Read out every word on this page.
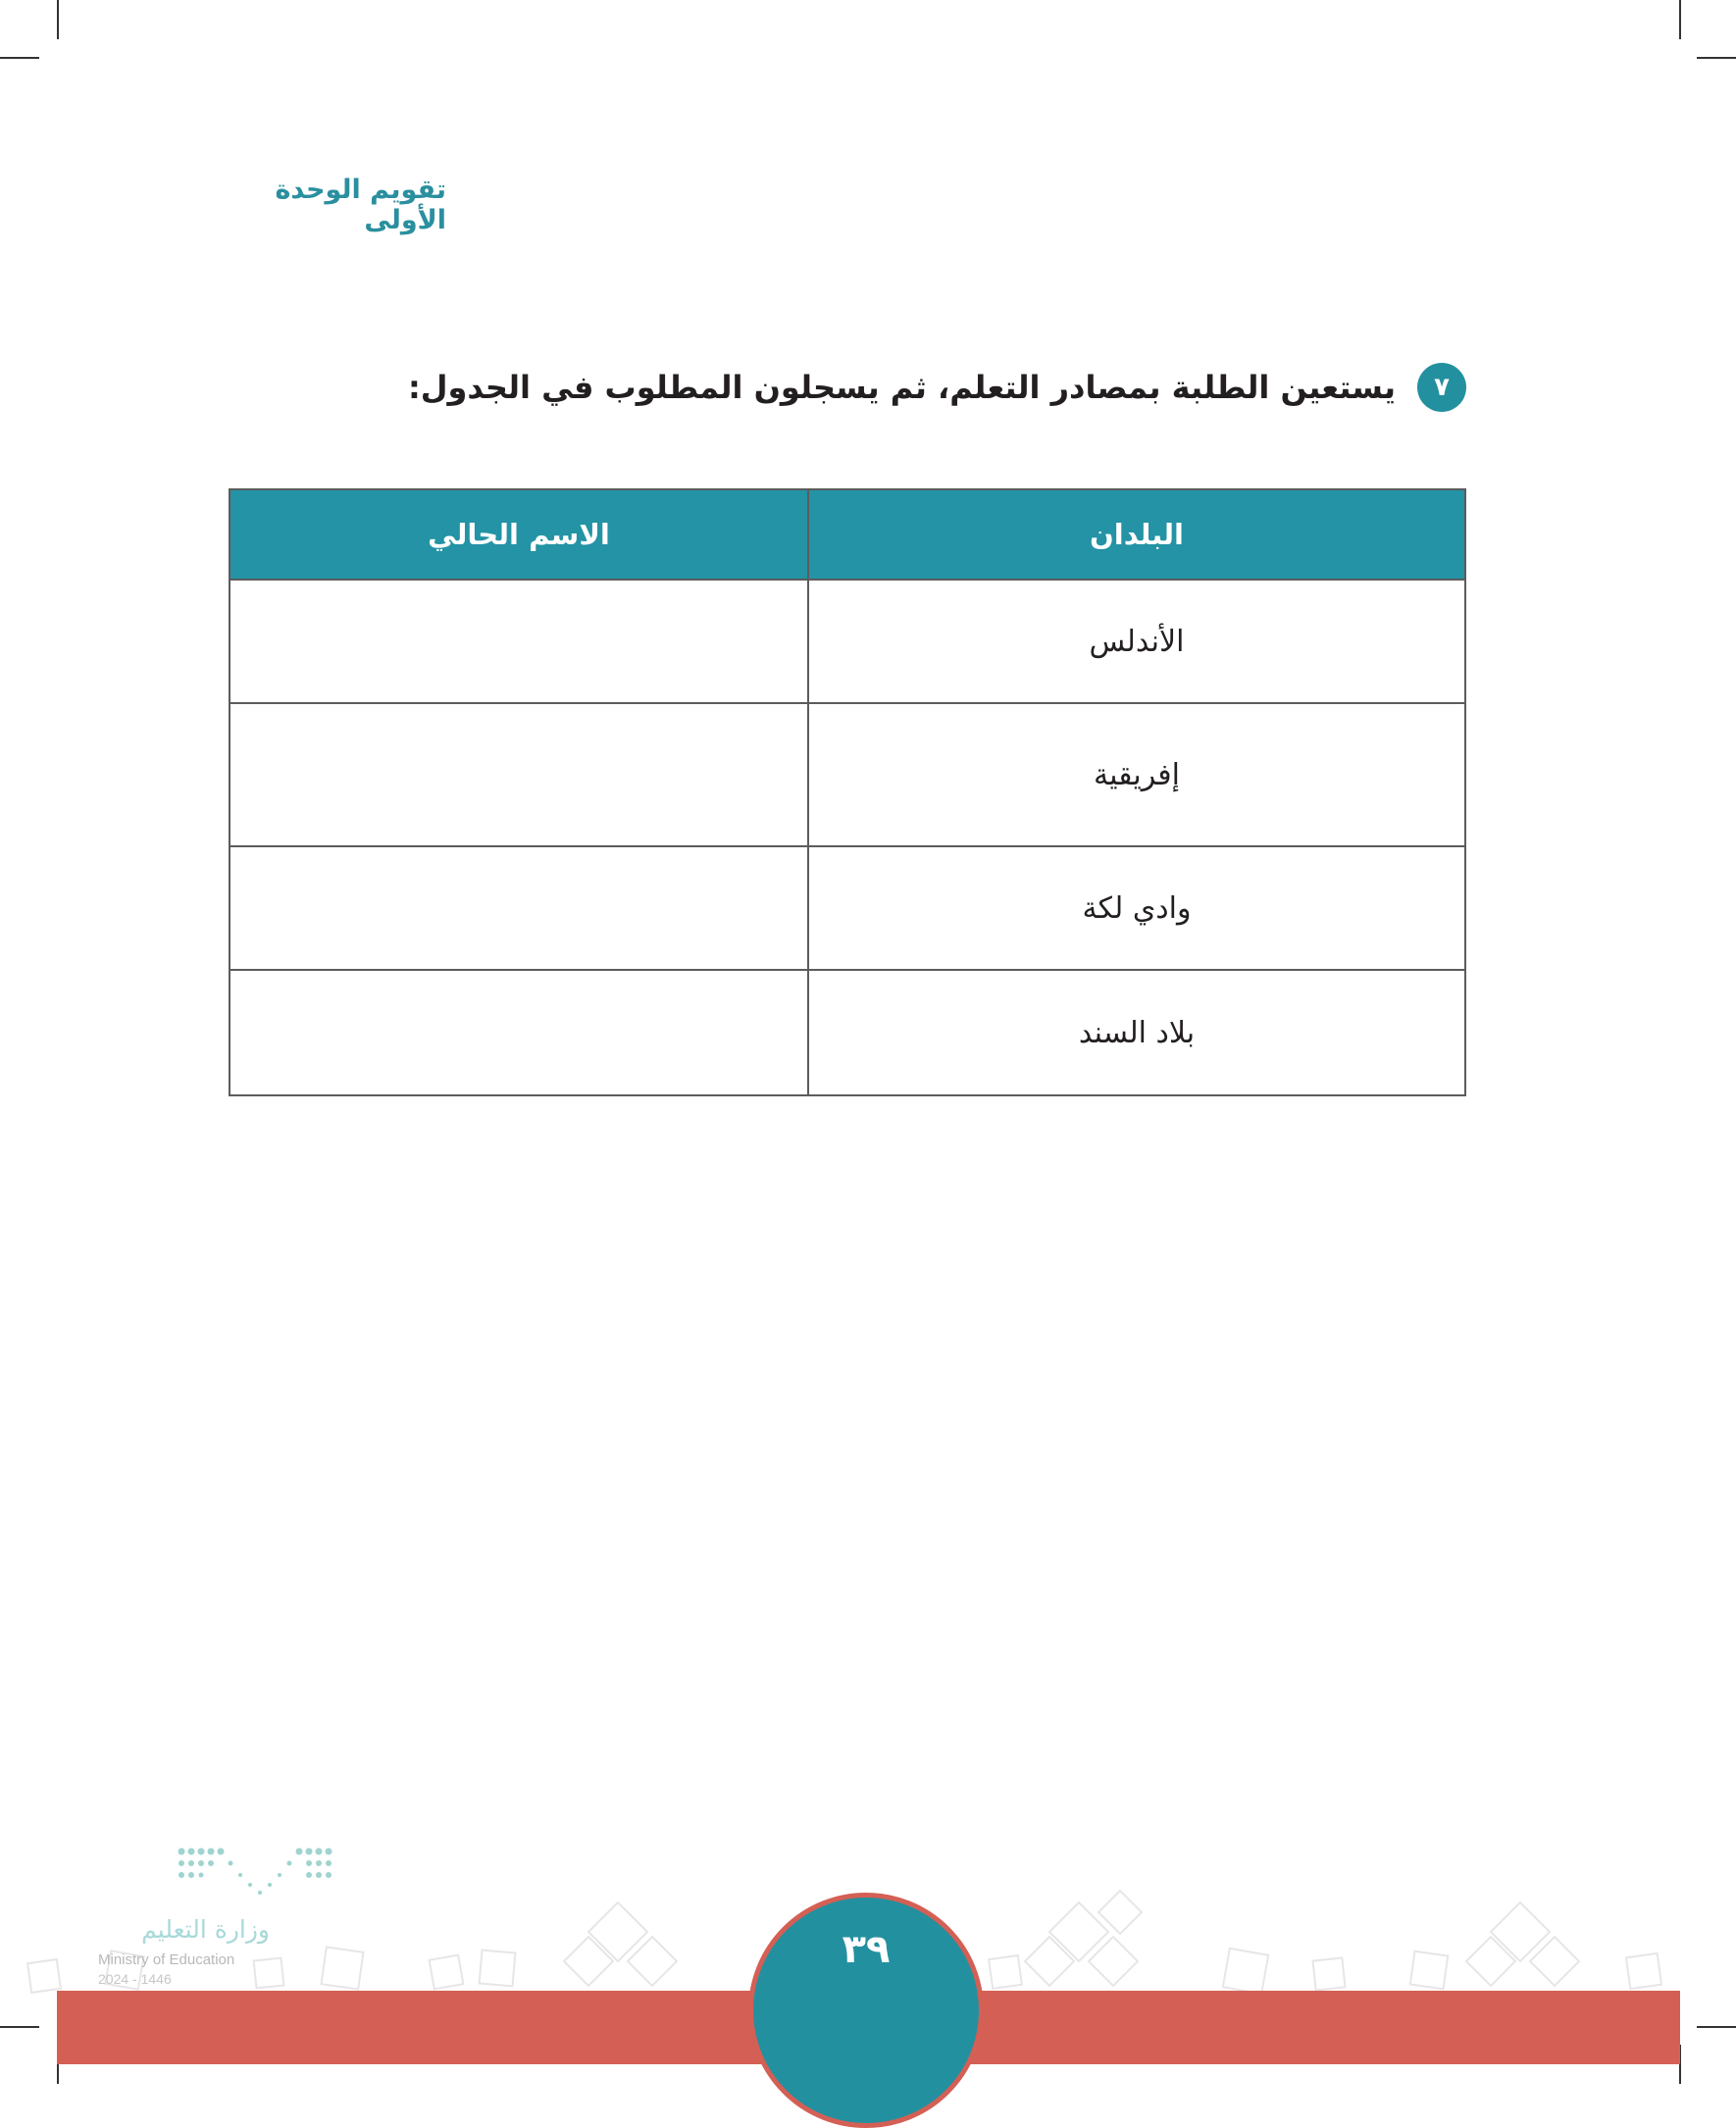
تقويم الوحدة الأولى
٧
يستعين الطلبة بمصادر التعلم، ثم يسجلون المطلوب في الجدول:
البلدان	الاسم الحالي
الأندلس	
إفريقية	
وادي لكة	
بلاد السند	
وزارة التعليم
Ministry of Education
2024 - 1446
٣٩
